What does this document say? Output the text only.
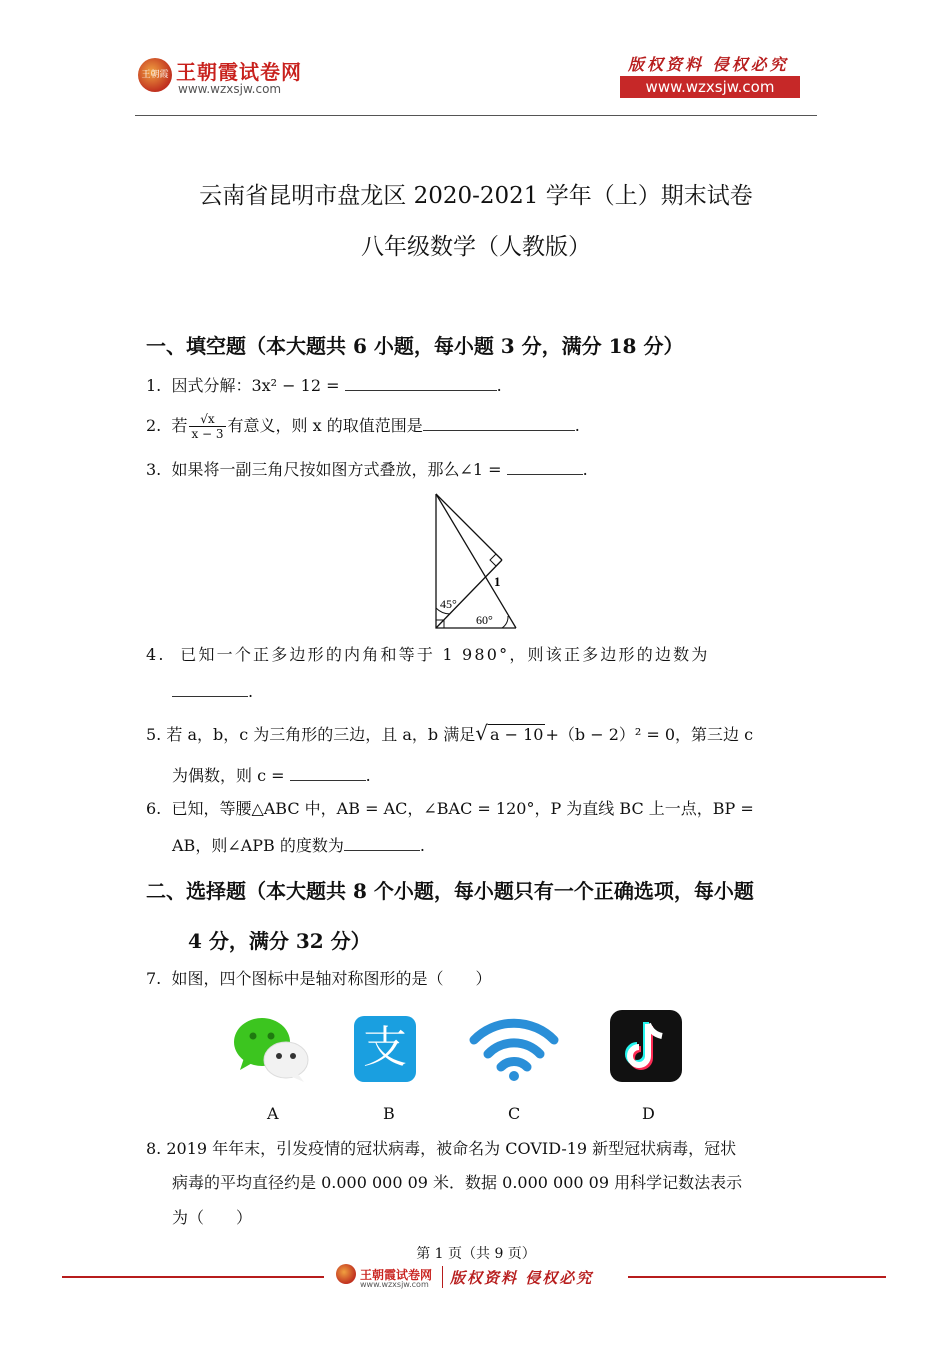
王朝霞 王朝霞试卷网
www.wzxsjw.com
版权资料 侵权必究
www.wzxsjw.com
云南省昆明市盘龙区 2020-2021 学年（上）期末试卷
八年级数学（人教版）
一、填空题（本大题共 6 小题，每小题 3 分，满分 18 分）
1. 因式分解：3x² − 12 =	.
2. 若 $\frac{√x}{x - 3}$ 有意义，则 x 的取值范围是	.
3. 如果将一副三角尺按如图方式叠放，那么∠1 =	.
45°
60°
1
4. 已知一个正多边形的内角和等于 1 980°，则该正多边形的边数为
.
5. 若 a，b，c 为三角形的三边，且 a，b 满足√ a − 10 +（b − 2）² = 0，第三边 c
为偶数，则 c =	.
6. 已知，等腰△ABC 中，AB = AC，∠BAC = 120°，P 为直线 BC 上一点，BP =
AB，则∠APB 的度数为	.
二、选择题（本大题共 8 个小题，每小题只有一个正确选项，每小题
4 分，满分 32 分）
7. 如图，四个图标中是轴对称图形的是（　　）
支
A	B	C	D
8. 2019 年年末，引发疫情的冠状病毒，被命名为 COVID-19 新型冠状病毒，冠状
病毒的平均直径约是 0.000 000 09 米．数据 0.000 000 09 用科学记数法表示
为（　　）
第 1 页（共 9 页）
王朝霞试卷网
www.wzxsjw.com 版权资料 侵权必究
